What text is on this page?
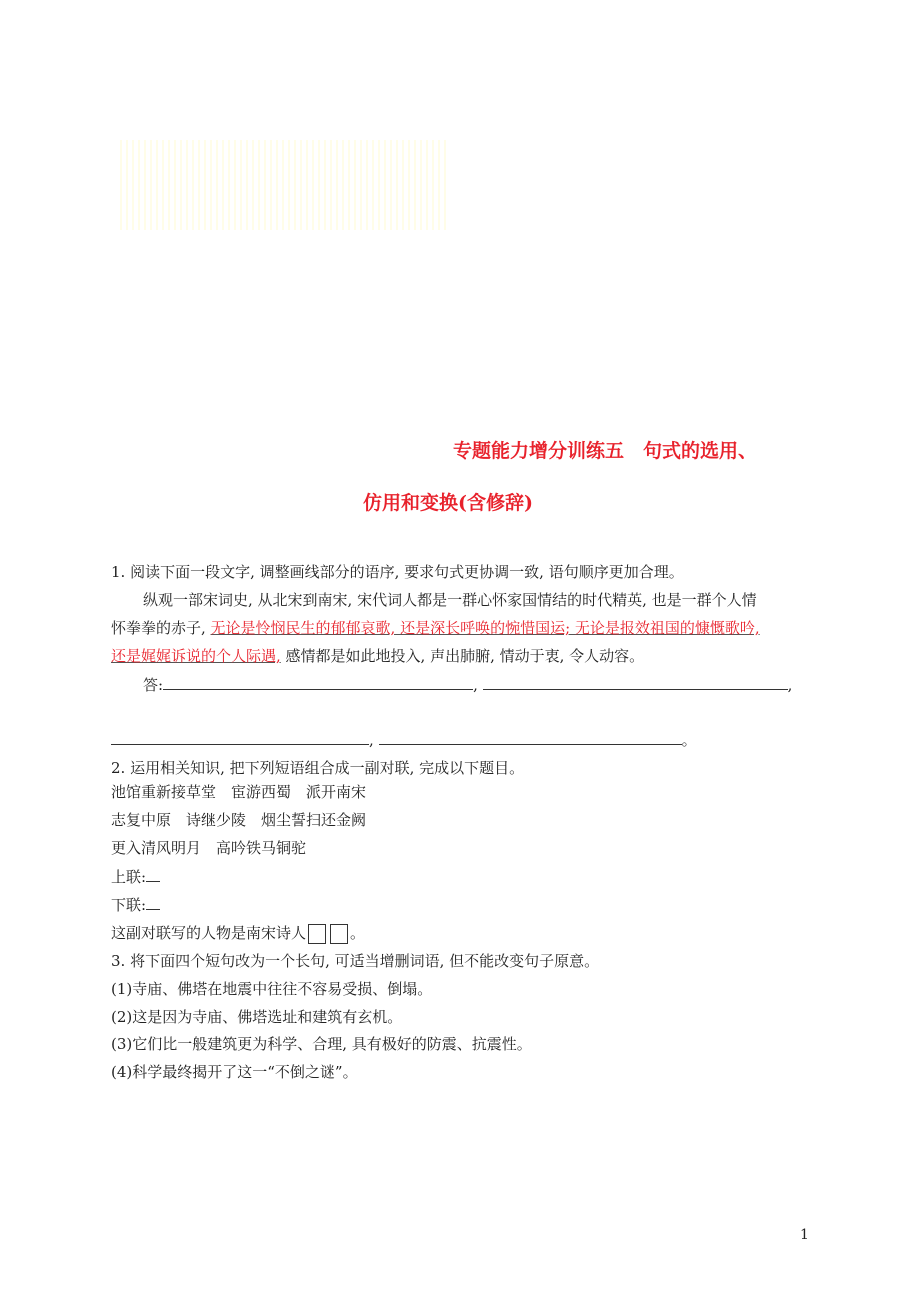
专题能力增分训练五　句式的选用、
仿用和变换(含修辞)
1. 阅读下面一段文字, 调整画线部分的语序, 要求句式更协调一致, 语句顺序更加合理。
纵观一部宋词史, 从北宋到南宋, 宋代词人都是一群心怀家国情结的时代精英, 也是一群个人情
怀拳拳的赤子, 无论是怜悯民生的郁郁哀歌, 还是深长呼唤的惋惜国运; 无论是报效祖国的慷慨歌吟,
还是娓娓诉说的个人际遇, 感情都是如此地投入, 声出肺腑, 情动于衷, 令人动容。
答:	,	,
,	。
2. 运用相关知识, 把下列短语组合成一副对联, 完成以下题目。
池馆重新接草堂　宦游西蜀　派开南宋
志复中原　诗继少陵　烟尘誓扫还金阙
更入清风明月　高吟铁马铜驼
上联:
下联:
这副对联写的人物是南宋诗人	。
3. 将下面四个短句改为一个长句, 可适当增删词语, 但不能改变句子原意。
(1)寺庙、佛塔在地震中往往不容易受损、倒塌。
(2)这是因为寺庙、佛塔选址和建筑有玄机。
(3)它们比一般建筑更为科学、合理, 具有极好的防震、抗震性。
(4)科学最终揭开了这一“不倒之谜”。
1
